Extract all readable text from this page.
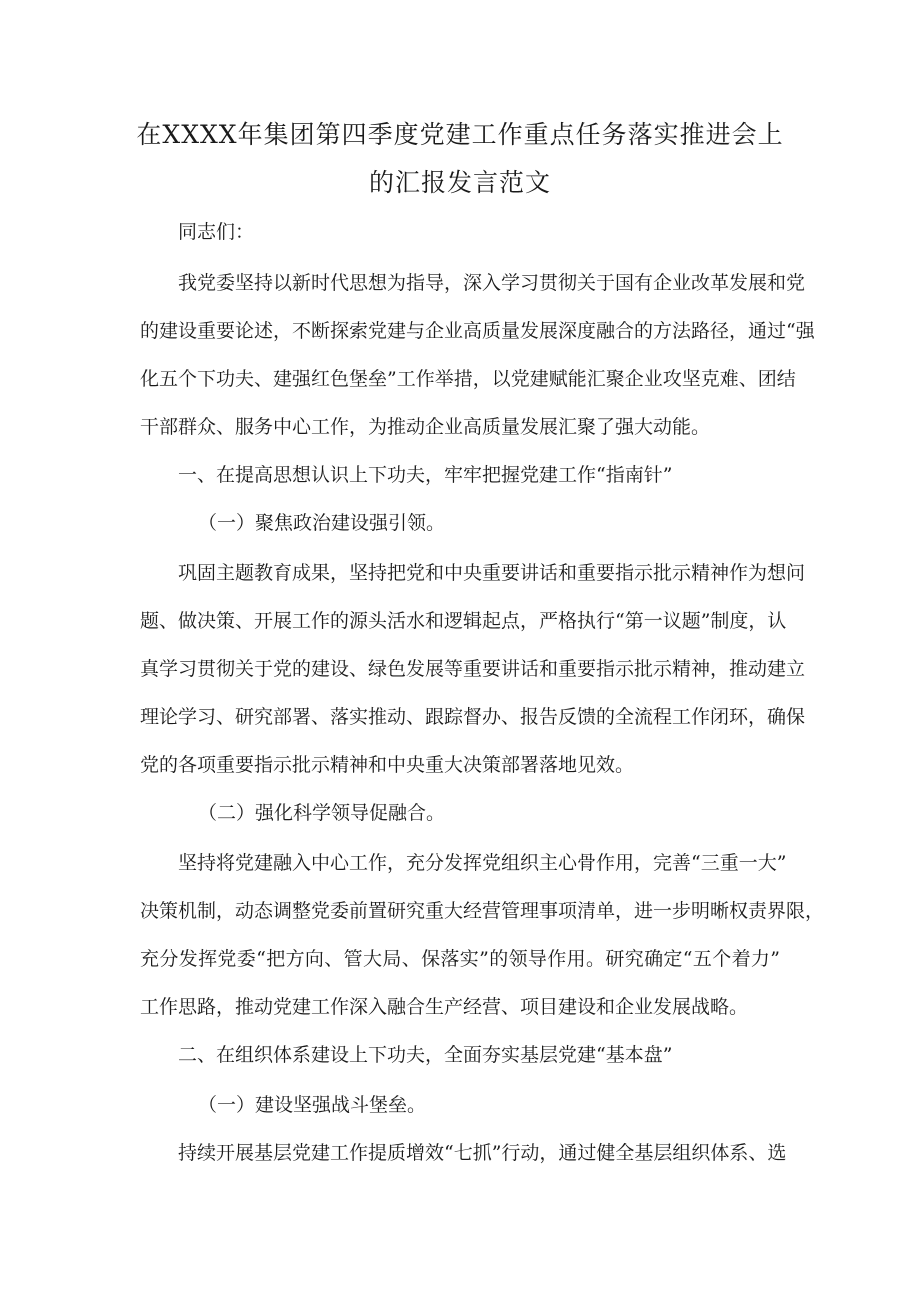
在XXXX年集团第四季度党建工作重点任务落实推进会上
的汇报发言范文
同志们：
我党委坚持以新时代思想为指导，深入学习贯彻关于国有企业改革发展和党
的建设重要论述，不断探索党建与企业高质量发展深度融合的方法路径，通过“强
化五个下功夫、建强红色堡垒”工作举措，以党建赋能汇聚企业攻坚克难、团结
干部群众、服务中心工作，为推动企业高质量发展汇聚了强大动能。
一、在提高思想认识上下功夫，牢牢把握党建工作“指南针”
（一）聚焦政治建设强引领。
巩固主题教育成果，坚持把党和中央重要讲话和重要指示批示精神作为想问
题、做决策、开展工作的源头活水和逻辑起点，严格执行“第一议题”制度，认
真学习贯彻关于党的建设、绿色发展等重要讲话和重要指示批示精神，推动建立
理论学习、研究部署、落实推动、跟踪督办、报告反馈的全流程工作闭环，确保
党的各项重要指示批示精神和中央重大决策部署落地见效。
（二）强化科学领导促融合。
坚持将党建融入中心工作，充分发挥党组织主心骨作用，完善“三重一大”
决策机制，动态调整党委前置研究重大经营管理事项清单，进一步明晰权责界限，
充分发挥党委“把方向、管大局、保落实”的领导作用。研究确定“五个着力”
工作思路，推动党建工作深入融合生产经营、项目建设和企业发展战略。
二、在组织体系建设上下功夫，全面夯实基层党建“基本盘”
（一）建设坚强战斗堡垒。
持续开展基层党建工作提质增效“七抓”行动，通过健全基层组织体系、选
